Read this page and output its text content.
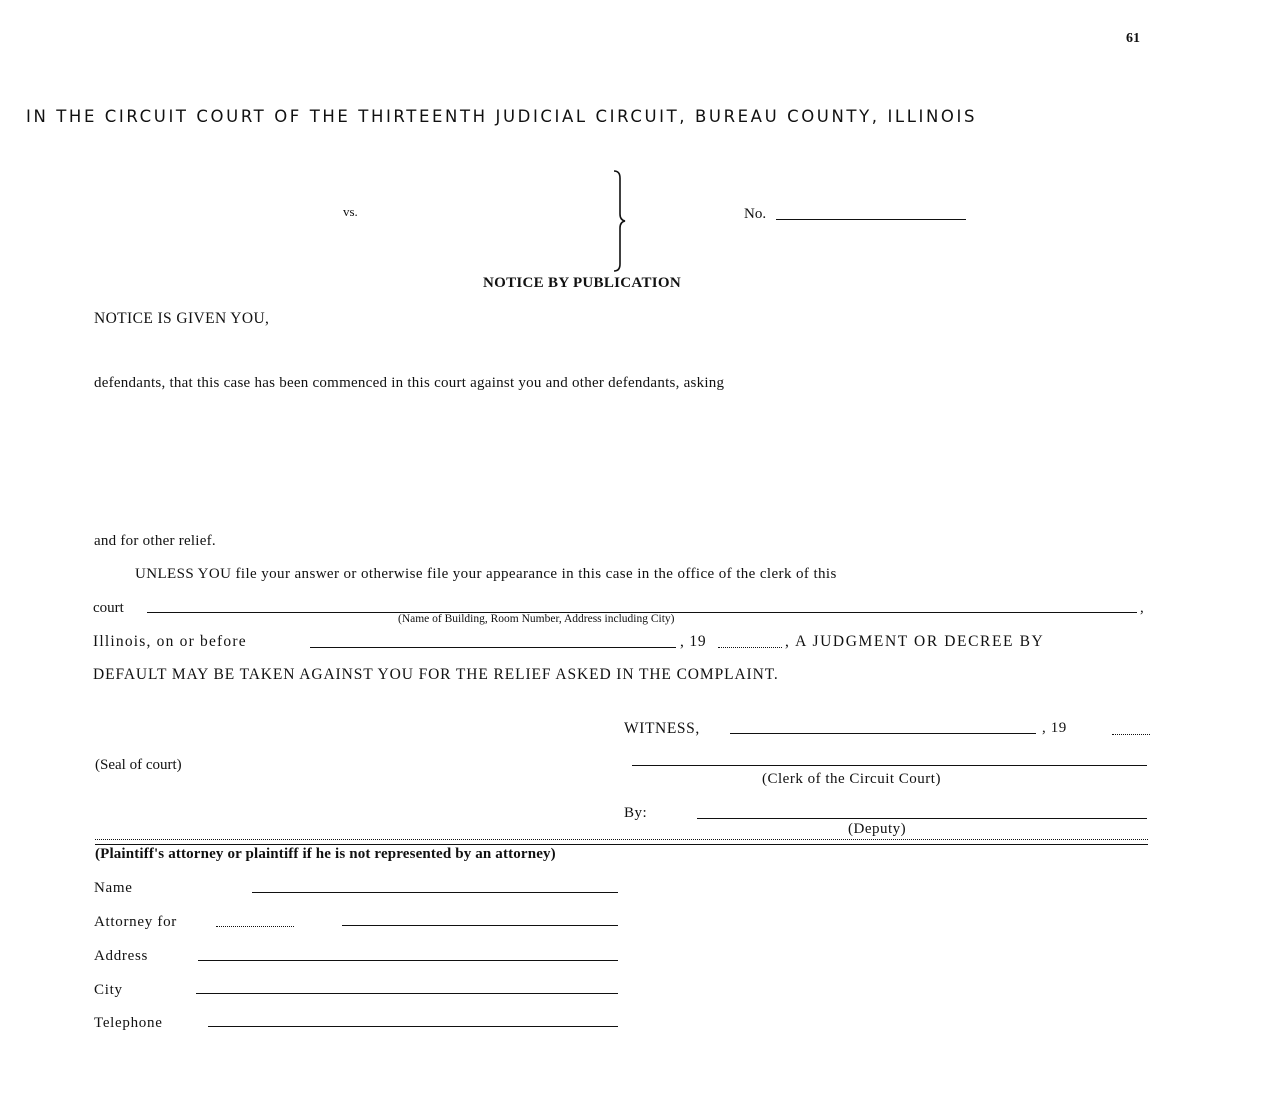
61
IN THE CIRCUIT COURT OF THE THIRTEENTH JUDICIAL CIRCUIT, BUREAU COUNTY, ILLINOIS
vs.	No.
NOTICE BY PUBLICATION
NOTICE IS GIVEN YOU,
defendants, that this case has been commenced in this court against you and other defendants, asking
and for other relief.
UNLESS YOU file your answer or otherwise file your appearance in this case in the office of the clerk of this
court	,
(Name of Building, Room Number, Address including City)
Illinois, on or before	, 19	, A JUDGMENT OR DECREE BY
DEFAULT MAY BE TAKEN AGAINST YOU FOR THE RELIEF ASKED IN THE COMPLAINT.
WITNESS,	, 19
(Seal of court)
(Clerk of the Circuit Court)
By:
(Deputy)
(Plaintiff's attorney or plaintiff if he is not represented by an attorney)
Name
Attorney for
Address
City
Telephone
